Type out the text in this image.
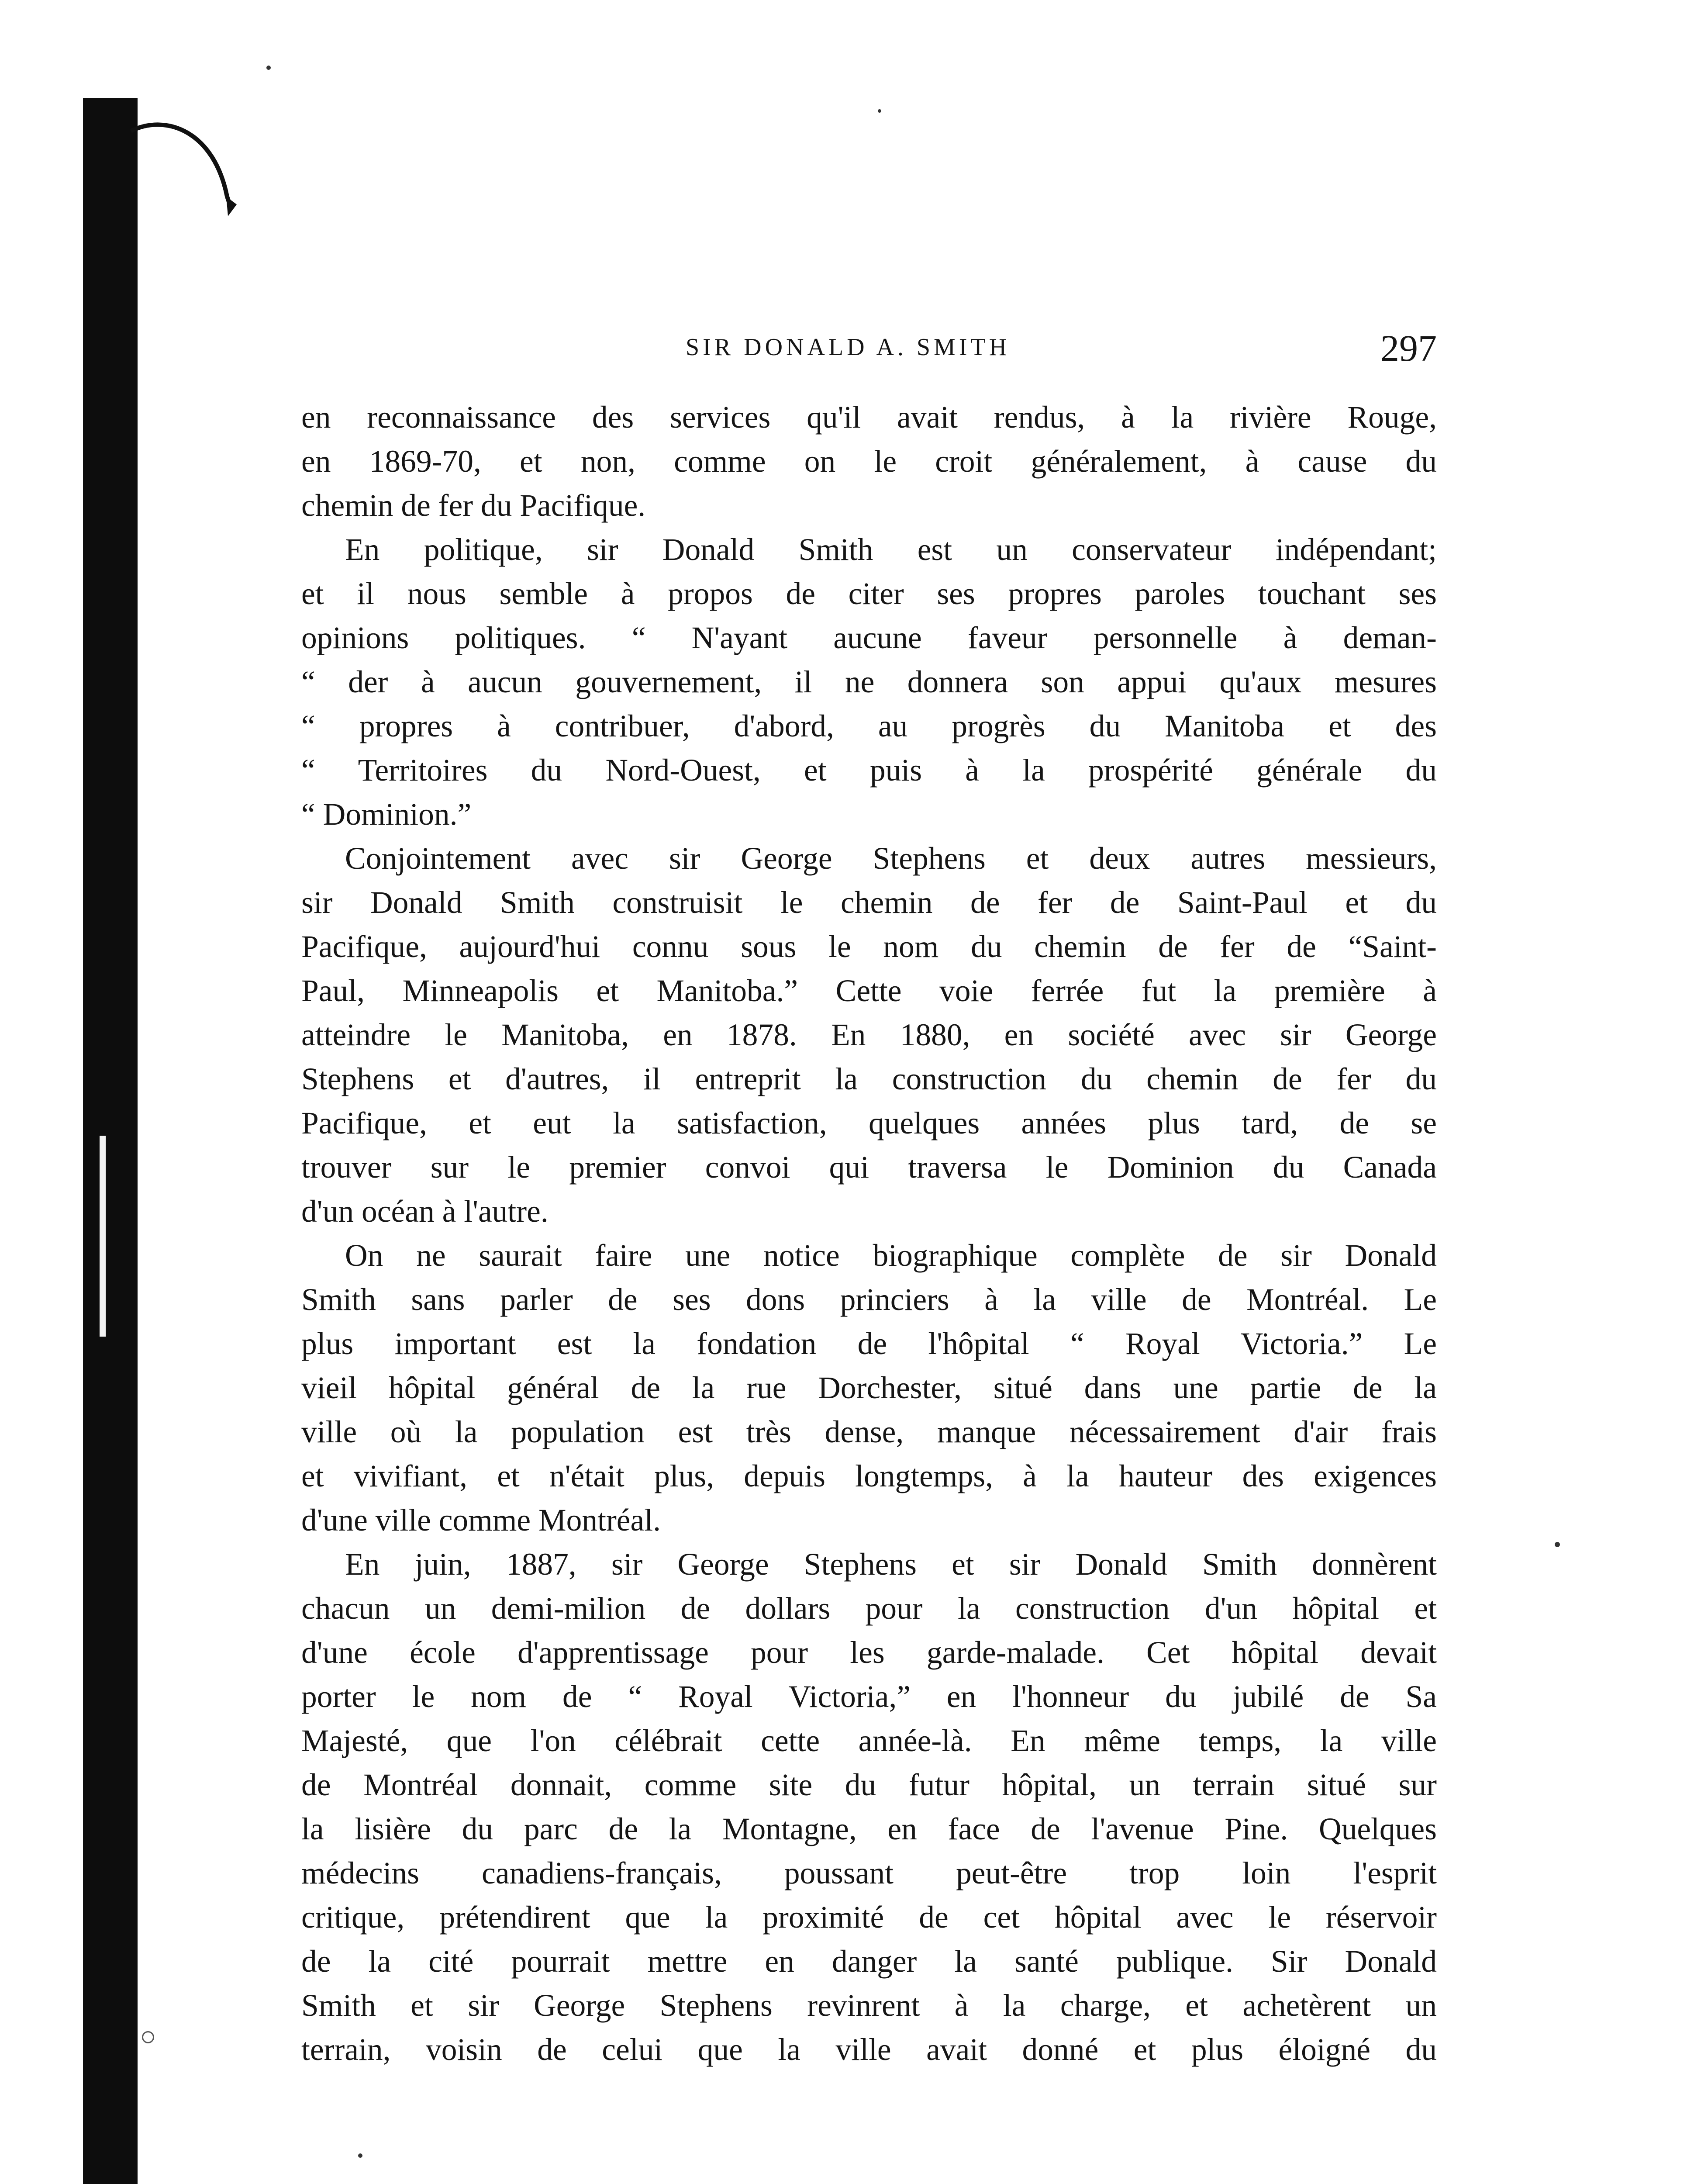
SIR DONALD A. SMITH	297
en reconnaissance des services qu'il avait rendus, à la rivière Rouge,
en 1869-70, et non, comme on le croit généralement, à cause du
chemin de fer du Pacifique.
En politique, sir Donald Smith est un conservateur indépendant;
et il nous semble à propos de citer ses propres paroles touchant ses
opinions politiques. “ N'ayant aucune faveur personnelle à deman-
“ der à aucun gouvernement, il ne donnera son appui qu'aux mesures
“ propres à contribuer, d'abord, au progrès du Manitoba et des
“ Territoires du Nord-Ouest, et puis à la prospérité générale du
“ Dominion.”
Conjointement avec sir George Stephens et deux autres messieurs,
sir Donald Smith construisit le chemin de fer de Saint-Paul et du
Pacifique, aujourd'hui connu sous le nom du chemin de fer de “Saint-
Paul, Minneapolis et Manitoba.” Cette voie ferrée fut la première à
atteindre le Manitoba, en 1878. En 1880, en société avec sir George
Stephens et d'autres, il entreprit la construction du chemin de fer du
Pacifique, et eut la satisfaction, quelques années plus tard, de se
trouver sur le premier convoi qui traversa le Dominion du Canada
d'un océan à l'autre.
On ne saurait faire une notice biographique complète de sir Donald
Smith sans parler de ses dons princiers à la ville de Montréal. Le
plus important est la fondation de l'hôpital “ Royal Victoria.” Le
vieil hôpital général de la rue Dorchester, situé dans une partie de la
ville où la population est très dense, manque nécessairement d'air frais
et vivifiant, et n'était plus, depuis longtemps, à la hauteur des exigences
d'une ville comme Montréal.
En juin, 1887, sir George Stephens et sir Donald Smith donnèrent
chacun un demi-milion de dollars pour la construction d'un hôpital et
d'une école d'apprentissage pour les garde-malade. Cet hôpital devait
porter le nom de “ Royal Victoria,” en l'honneur du jubilé de Sa
Majesté, que l'on célébrait cette année-là. En même temps, la ville
de Montréal donnait, comme site du futur hôpital, un terrain situé sur
la lisière du parc de la Montagne, en face de l'avenue Pine. Quelques
médecins canadiens-français, poussant peut-être trop loin l'esprit
critique, prétendirent que la proximité de cet hôpital avec le réservoir
de la cité pourrait mettre en danger la santé publique. Sir Donald
Smith et sir George Stephens revinrent à la charge, et achetèrent un
terrain, voisin de celui que la ville avait donné et plus éloigné du
